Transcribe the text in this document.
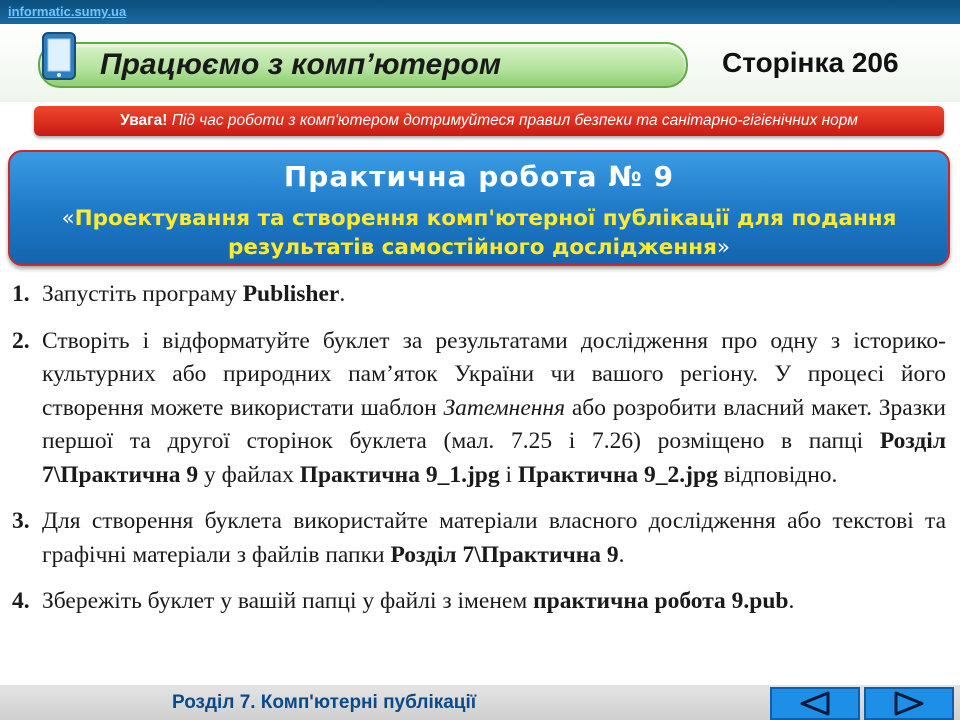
informatic.sumy.ua
Працюємо з комп’ютером	Сторінка 206
Увага! Під час роботи з комп'ютером дотримуйтеся правил безпеки та санітарно-гігієнічних норм
Практична робота № 9
«Проектування та створення комп'ютерної публікації для подання результатів самостійного дослідження»
1. Запустіть програму Publisher.
2. Створіть і відформатуйте буклет за результатами дослідження про одну з історико-культурних або природних пам’яток України чи вашого регіону. У процесі його створення можете використати шаблон Затемнення або розробити власний макет. Зразки першої та другої сторінок буклета (мал. 7.25 і 7.26) розміщено в папці Розділ 7\Практична 9 у файлах Практична 9_1.jpg і Практична 9_2.jpg відповідно.
3. Для створення буклета використайте матеріали власного дослідження або текстові та графічні матеріали з файлів папки Розділ 7\Практична 9.
4. Збережіть буклет у вашій папці у файлі з іменем практична робота 9.pub.
Розділ 7. Комп'ютерні публікації
